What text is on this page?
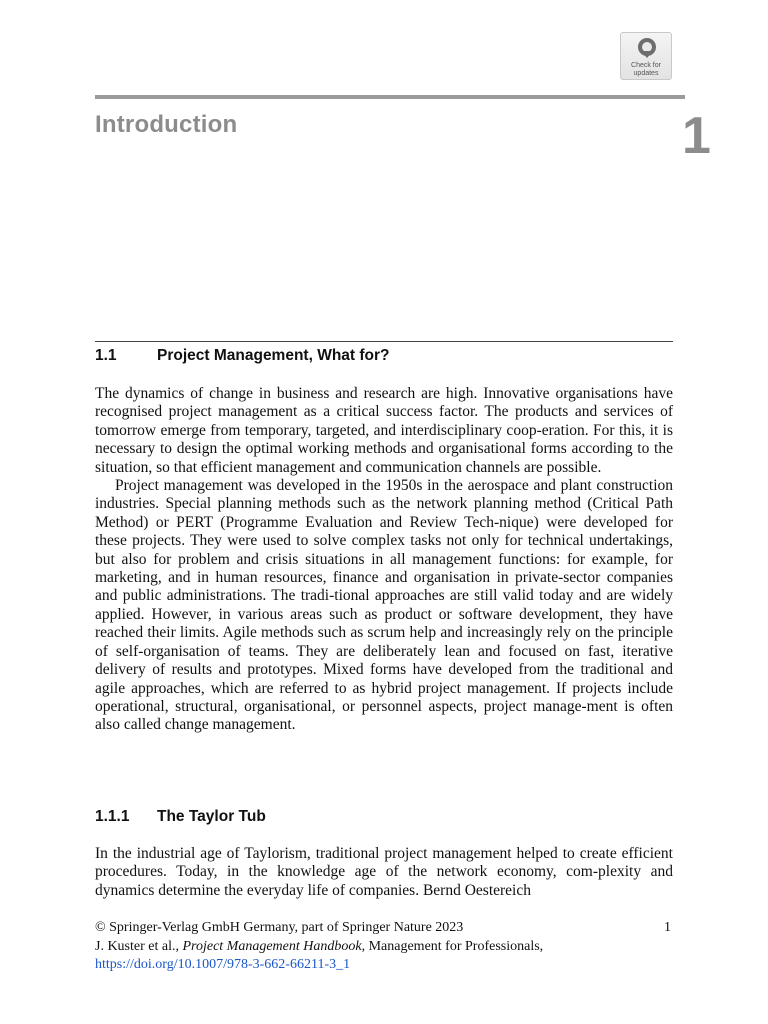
Check for
updates
Introduction	1
1.1	Project Management, What for?

The dynamics of change in business and research are high. Innovative organisations have recognised project management as a critical success factor. The products and services of tomorrow emerge from temporary, targeted, and interdisciplinary coop-eration. For this, it is necessary to design the optimal working methods and organisational forms according to the situation, so that efficient management and communication channels are possible.

Project management was developed in the 1950s in the aerospace and plant construction industries. Special planning methods such as the network planning method (Critical Path Method) or PERT (Programme Evaluation and Review Tech-nique) were developed for these projects. They were used to solve complex tasks not only for technical undertakings, but also for problem and crisis situations in all management functions: for example, for marketing, and in human resources, finance and organisation in private-sector companies and public administrations. The tradi-tional approaches are still valid today and are widely applied. However, in various areas such as product or software development, they have reached their limits. Agile methods such as scrum help and increasingly rely on the principle of self-organisation of teams. They are deliberately lean and focused on fast, iterative delivery of results and prototypes. Mixed forms have developed from the traditional and agile approaches, which are referred to as hybrid project management. If projects include operational, structural, organisational, or personnel aspects, project manage-ment is often also called change management.

1.1.1 The Taylor Tub

In the industrial age of Taylorism, traditional project management helped to create efficient procedures. Today, in the knowledge age of the network economy, com-plexity and dynamics determine the everyday life of companies. Bernd Oestereich

© Springer-Verlag GmbH Germany, part of Springer Nature 2023	1
J. Kuster et al., Project Management Handbook, Management for Professionals,
https://doi.org/10.1007/978-3-662-66211-3_1
